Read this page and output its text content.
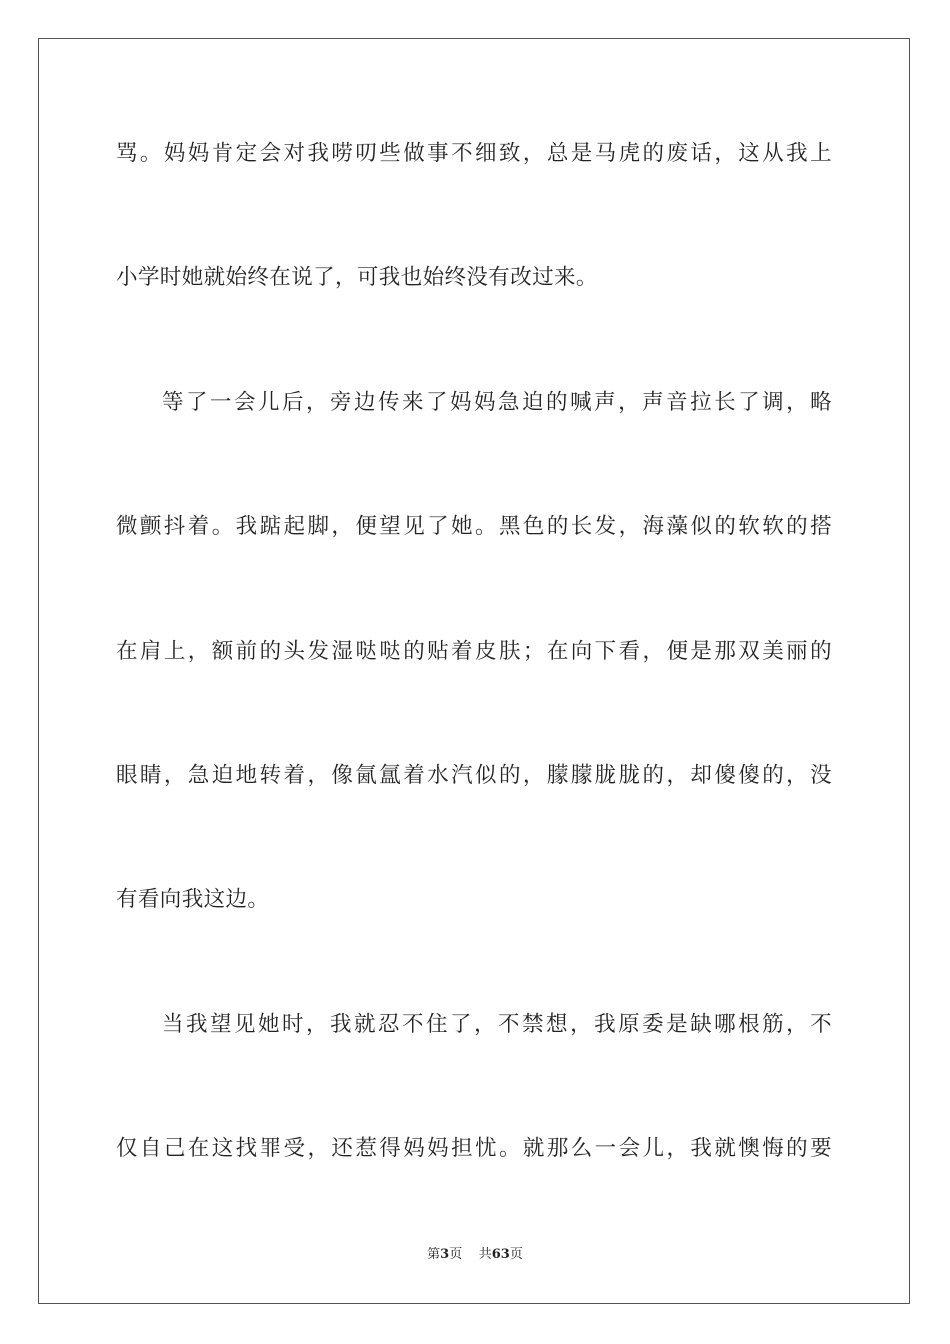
骂。妈妈肯定会对我唠叨些做事不细致，总是马虎的废话，这从我上
小学时她就始终在说了，可我也始终没有改过来。
等了一会儿后，旁边传来了妈妈急迫的喊声，声音拉长了调，略
微颤抖着。我踮起脚，便望见了她。黑色的长发，海藻似的软软的搭
在肩上，额前的头发湿哒哒的贴着皮肤；在向下看，便是那双美丽的
眼睛，急迫地转着，像氤氲着水汽似的，朦朦胧胧的，却傻傻的，没
有看向我这边。
当我望见她时，我就忍不住了，不禁想，我原委是缺哪根筋，不
仅自己在这找罪受，还惹得妈妈担忧。就那么一会儿，我就懊悔的要
第3页 共63页
